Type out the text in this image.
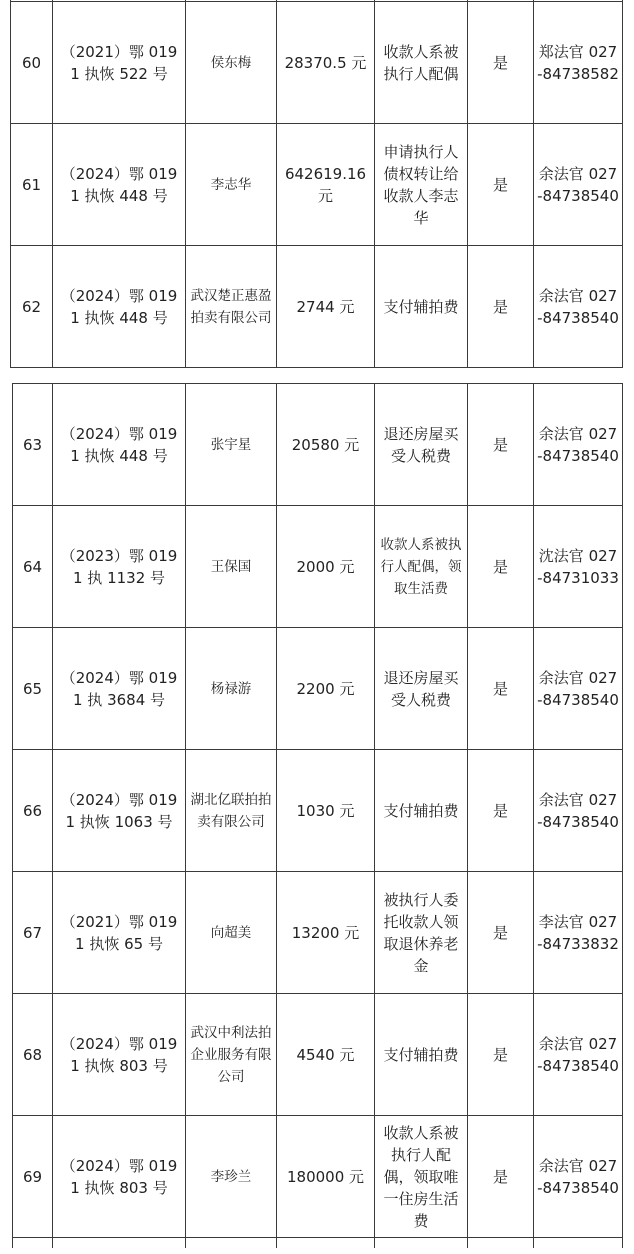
60	（2021）鄂 0191 执恢 522 号	侯东梅	28370.5 元	收款人系被执行人配偶	是	郑法官 027-84738582
61	（2024）鄂 0191 执恢 448 号	李志华	642619.16 元	申请执行人债权转让给收款人李志华	是	余法官 027-84738540
62	（2024）鄂 0191 执恢 448 号	武汉楚正惠盈拍卖有限公司	2744 元	支付辅拍费	是	余法官 027-84738540
63	（2024）鄂 0191 执恢 448 号	张宇星	20580 元	退还房屋买受人税费	是	余法官 027-84738540
64	（2023）鄂 0191 执 1132 号	王保国	2000 元	收款人系被执行人配偶，领取生活费	是	沈法官 027-84731033
65	（2024）鄂 0191 执 3684 号	杨禄游	2200 元	退还房屋买受人税费	是	余法官 027-84738540
66	（2024）鄂 0191 执恢 1063 号	湖北亿联拍拍卖有限公司	1030 元	支付辅拍费	是	余法官 027-84738540
67	（2021）鄂 0191 执恢 65 号	向超美	13200 元	被执行人委托收款人领取退休养老金	是	李法官 027-84733832
68	（2024）鄂 0191 执恢 803 号	武汉中利法拍企业服务有限公司	4540 元	支付辅拍费	是	余法官 027-84738540
69	（2024）鄂 0191 执恢 803 号	李珍兰	180000 元	收款人系被执行人配偶，领取唯一住房生活费	是	余法官 027-84738540
